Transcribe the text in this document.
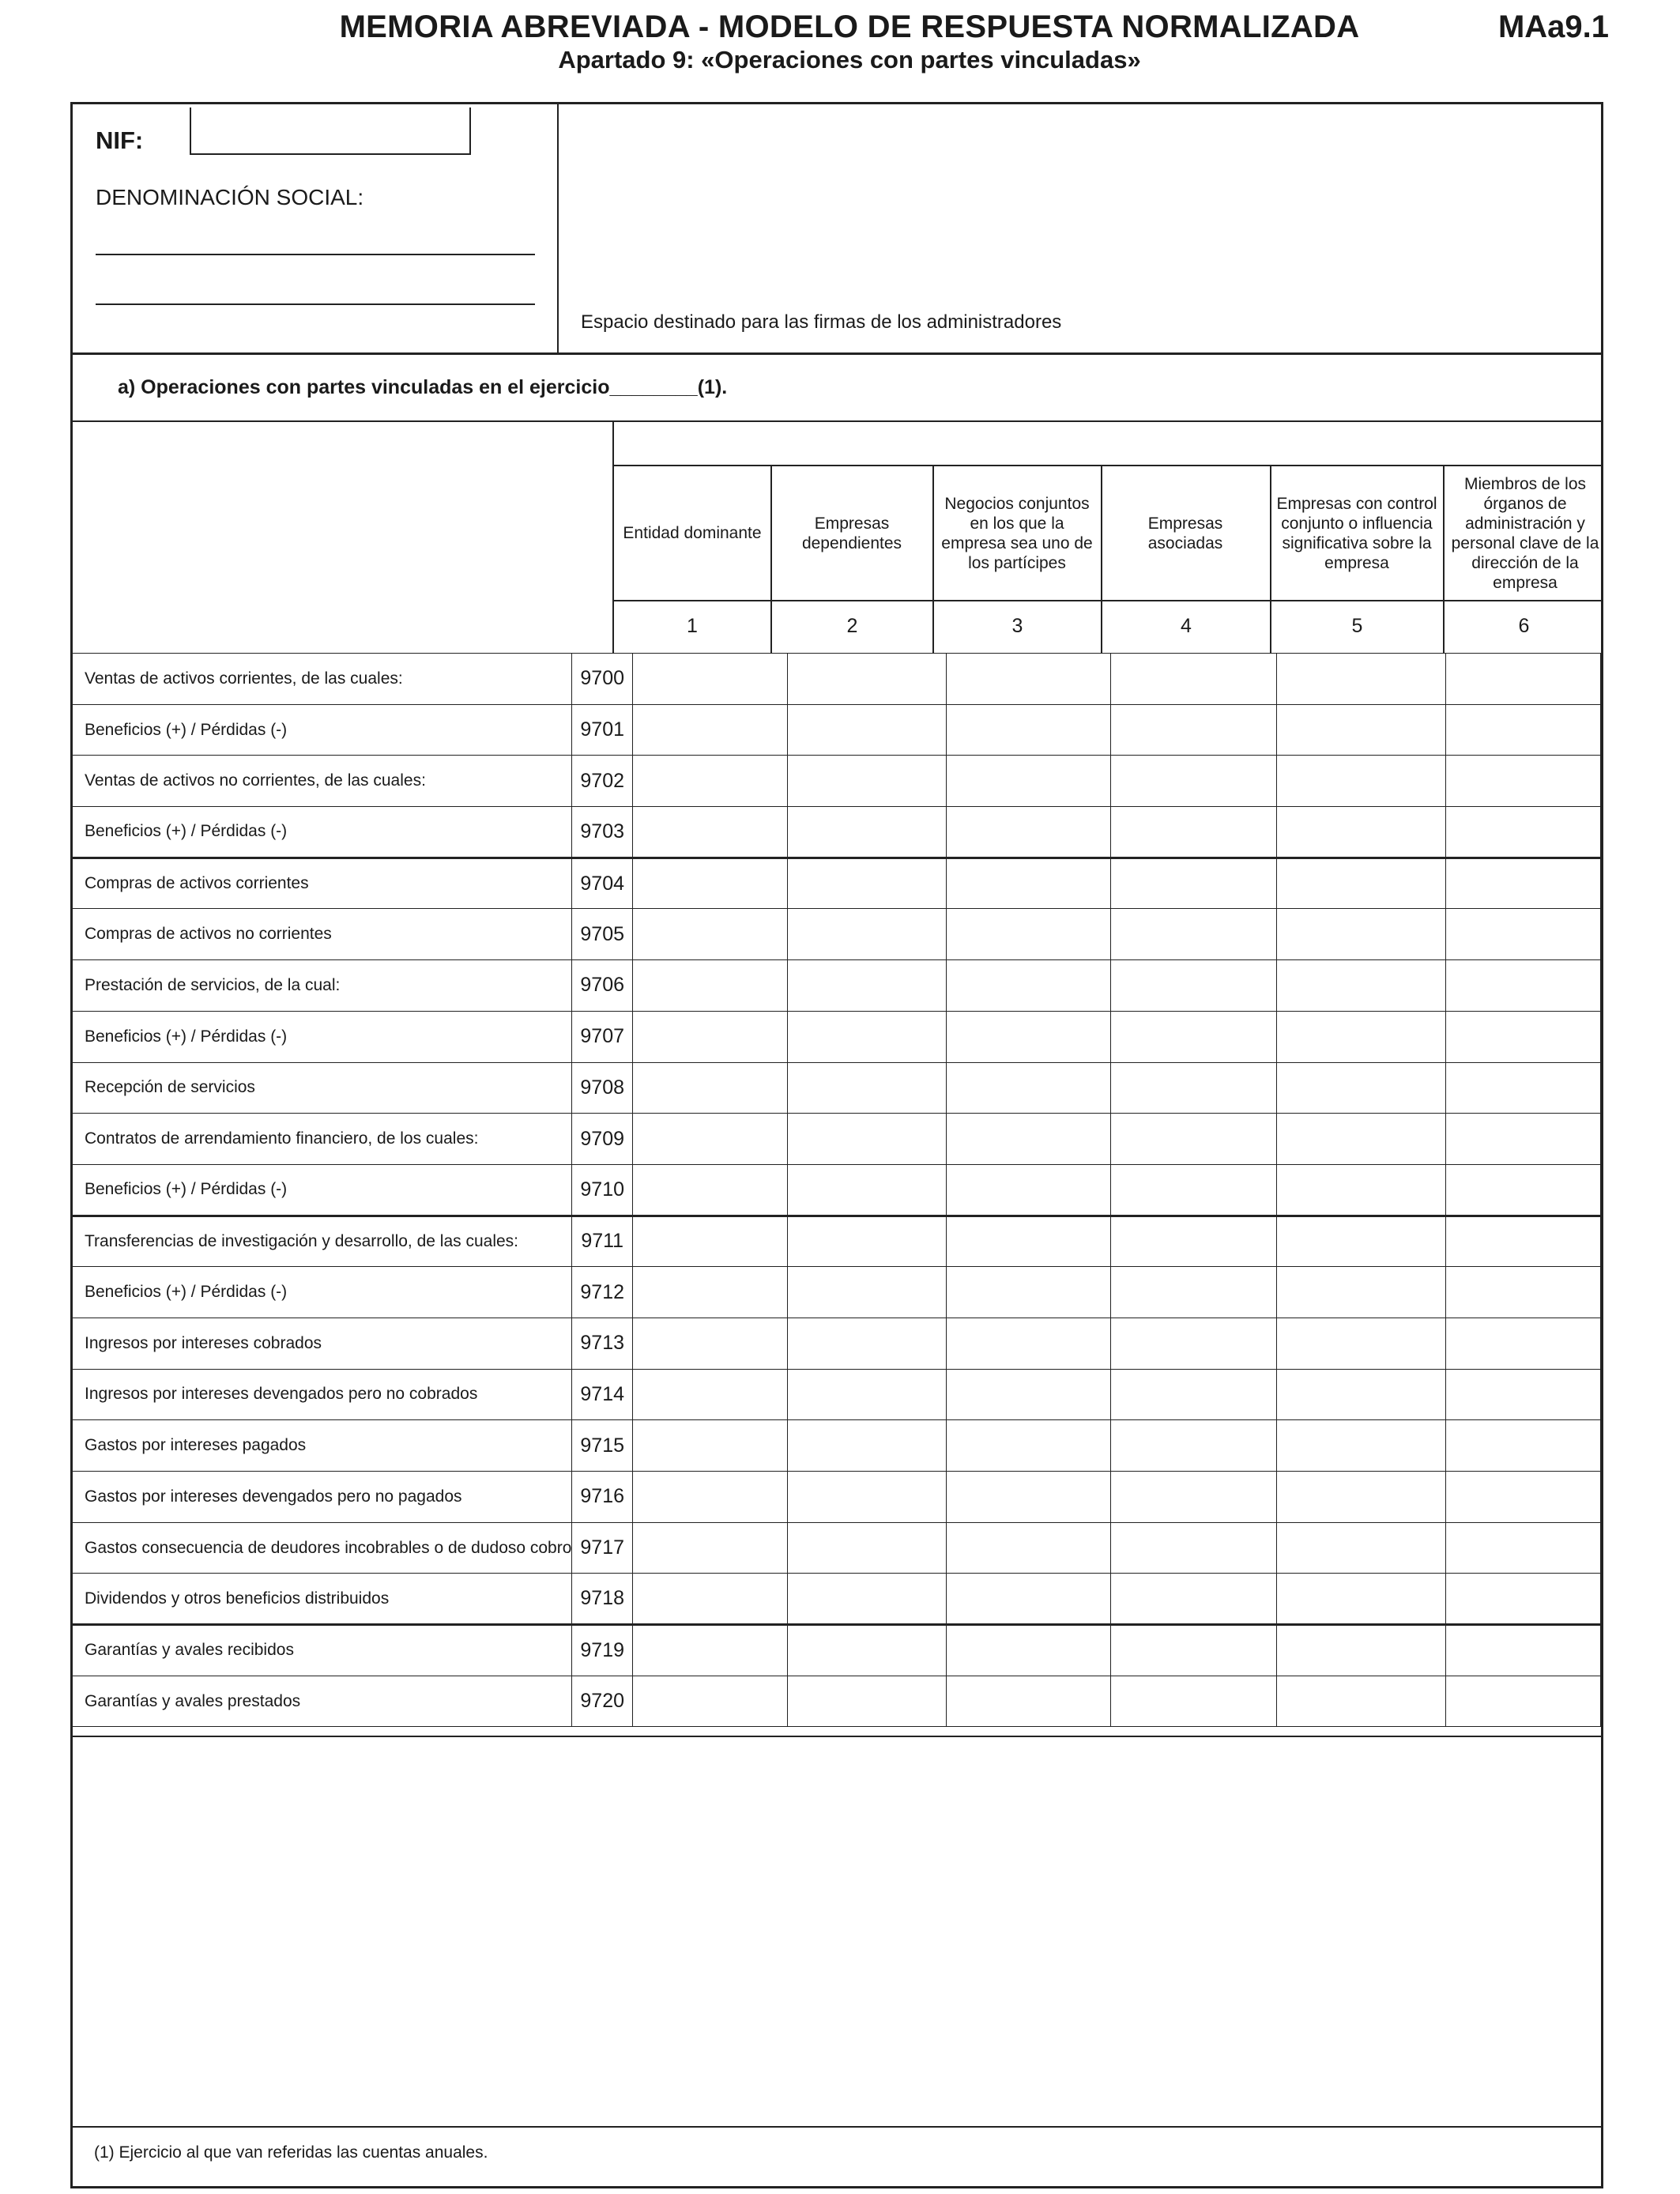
MEMORIA ABREVIADA - MODELO DE RESPUESTA NORMALIZADA
Apartado 9: «Operaciones con partes vinculadas»
MAa9.1
NIF:
DENOMINACIÓN SOCIAL:
Espacio destinado para las firmas de los administradores
a) Operaciones con partes vinculadas en el ejercicio________(1).
Entidad dominante
Empresas dependientes
Negocios conjuntos en los que la empresa sea uno de los partícipes
Empresas asociadas
Empresas con control conjunto o influencia significativa sobre la empresa
Miembros de los órganos de administración y personal clave de la dirección de la empresa
1	2	3	4	5	6
Ventas de activos corrientes, de las cuales:	9700						
Beneficios (+) / Pérdidas (-)	9701						
Ventas de activos no corrientes, de las cuales:	9702						
Beneficios (+) / Pérdidas (-)	9703						
Compras de activos corrientes	9704						
Compras de activos no corrientes	9705						
Prestación de servicios, de la cual:	9706						
Beneficios (+) / Pérdidas (-)	9707						
Recepción de servicios	9708						
Contratos de arrendamiento financiero, de los cuales:	9709						
Beneficios (+) / Pérdidas (-)	9710						
Transferencias de investigación y desarrollo, de las cuales:	9711						
Beneficios (+) / Pérdidas (-)	9712						
Ingresos por intereses cobrados	9713						
Ingresos por intereses devengados pero no cobrados	9714						
Gastos por intereses pagados	9715						
Gastos por intereses devengados pero no pagados	9716						
Gastos consecuencia de deudores incobrables o de dudoso cobro	9717						
Dividendos y otros beneficios distribuidos	9718						
Garantías y avales recibidos	9719						
Garantías y avales prestados	9720						
(1) Ejercicio al que van referidas las cuentas anuales.
